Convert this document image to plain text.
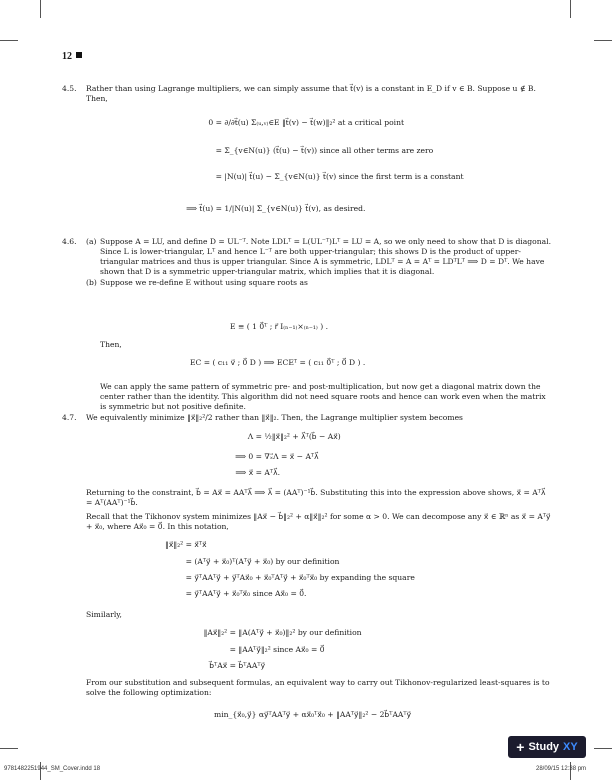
12
4.5. Rather than using Lagrange multipliers, we can simply assume that t⃗(v) is a constant in E_D if v ∈ B. Suppose u ∉ B. Then,
0 = ∂/∂t⃗(u) Σ₍ᵤ,ᵥ₎∈E ‖t⃗(v) − t⃗(w)‖₂² at a critical point
= Σ_{v∈N(u)} (t⃗(u) − t⃗(v)) since all other terms are zero
= |N(u)| t⃗(u) − Σ_{v∈N(u)} t⃗(v) since the first term is a constant
⟹ t⃗(u) = 1/|N(u)| Σ_{v∈N(u)} t⃗(v), as desired.
4.6. (a) Suppose A = LU, and define D = UL⁻ᵀ. Note LDLᵀ = L(UL⁻ᵀ)Lᵀ = LU = A, so we only need to show that D is diagonal. Since L is lower-triangular, Lᵀ and hence L⁻ᵀ are both upper-triangular; this shows D is the product of upper-triangular matrices and thus is upper triangular. Since A is symmetric, LDLᵀ = A = Aᵀ = LDᵀLᵀ ⟹ D = Dᵀ. We have shown that D is a symmetric upper-triangular matrix, which implies that it is diagonal.
(b) Suppose we re-define E without using square roots as
E ≡ ( 1 0⃗ᵀ ; r⃗ I₍ₙ₋₁₎×₍ₙ₋₁₎ ) .
Then,
EC = ( c₁₁ v⃗ ; 0⃗ D ) ⟹ ECEᵀ = ( c₁₁ 0⃗ᵀ ; 0⃗ D ) .
We can apply the same pattern of symmetric pre- and post-multiplication, but now get a diagonal matrix down the center rather than the identity. This algorithm did not need square roots and hence can work even when the matrix is symmetric but not positive definite.
4.7. We equivalently minimize ‖x⃗‖₂²/2 rather than ‖x⃗‖₂. Then, the Lagrange multiplier system becomes
Λ = ½‖x⃗‖₂² + λ⃗ᵀ(b⃗ − Ax⃗)
⟹ 0 = ∇ₓ⃗Λ = x⃗ − Aᵀλ⃗
⟹ x⃗ = Aᵀλ⃗.
Returning to the constraint, b⃗ = Ax⃗ = AAᵀλ⃗ ⟹ λ⃗ = (AAᵀ)⁻¹b⃗. Substituting this into the expression above shows, x⃗ = Aᵀλ⃗ = Aᵀ(AAᵀ)⁻¹b⃗.
Recall that the Tikhonov system minimizes ‖Ax⃗ − b⃗‖₂² + α‖x⃗‖₂² for some α > 0. We can decompose any x⃗ ∈ ℝⁿ as x⃗ = Aᵀy⃗ + x⃗₀, where Ax⃗₀ = 0⃗. In this notation,
‖x⃗‖₂² = x⃗ᵀx⃗
= (Aᵀy⃗ + x⃗₀)ᵀ(Aᵀy⃗ + x⃗₀) by our definition
= y⃗ᵀAAᵀy⃗ + y⃗ᵀAx⃗₀ + x⃗₀ᵀAᵀy⃗ + x⃗₀ᵀx⃗₀ by expanding the square
= y⃗ᵀAAᵀy⃗ + x⃗₀ᵀx⃗₀ since Ax⃗₀ = 0⃗.
Similarly,
‖Ax⃗‖₂² = ‖A(Aᵀy⃗ + x⃗₀)‖₂² by our definition
= ‖AAᵀy⃗‖₂² since Ax⃗₀ = 0⃗
b⃗ᵀAx⃗ = b⃗ᵀAAᵀy⃗
From our substitution and subsequent formulas, an equivalent way to carry out Tikhonov-regularized least-squares is to solve the following optimization:
min_{x⃗₀,y⃗} αy⃗ᵀAAᵀy⃗ + αx⃗₀ᵀx⃗₀ + ‖AAᵀy⃗‖₂² − 2b⃗ᵀAAᵀy⃗
+ Study XY
9781482251944_SM_Cover.indd 18	28/09/15 12:38 pm
